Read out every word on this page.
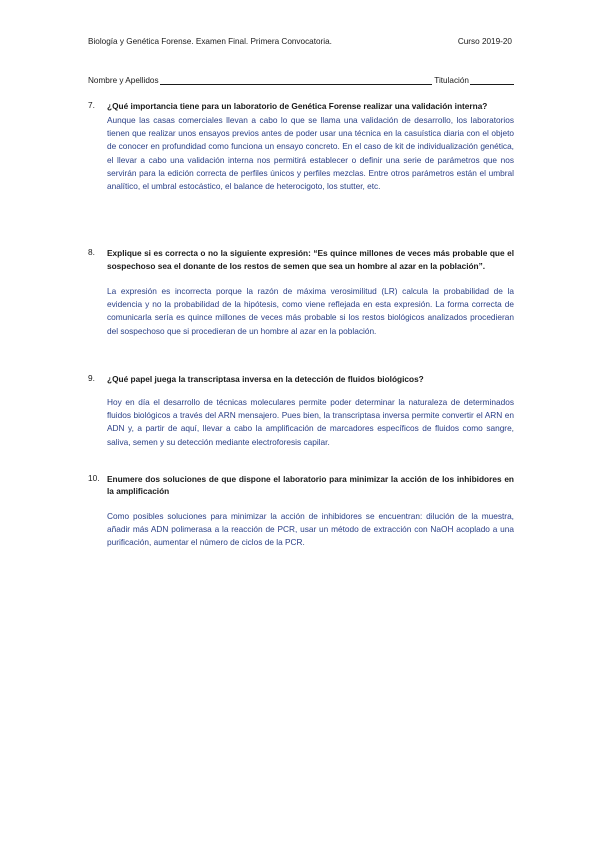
Biología y Genética Forense. Examen Final. Primera Convocatoria.	Curso 2019-20
Nombre y Apellidos	Titulación
7.	¿Qué importancia tiene para un laboratorio de Genética Forense realizar una validación interna?
Aunque las casas comerciales llevan a cabo lo que se llama una validación de desarrollo, los laboratorios tienen que realizar unos ensayos previos antes de poder usar una técnica en la casuística diaria con el objeto de conocer en profundidad como funciona un ensayo concreto. En el caso de kit de individualización genética, el llevar a cabo una validación interna nos permitirá establecer o definir una serie de parámetros que nos servirán para la edición correcta de perfiles únicos y perfiles mezclas. Entre otros parámetros están el umbral analítico, el umbral estocástico, el balance de heterocigoto, los stutter, etc.
8.	Explique si es correcta o no la siguiente expresión: “Es quince millones de veces más probable que el sospechoso sea el donante de los restos de semen que sea un hombre al azar en la población”.
La expresión es incorrecta porque la razón de máxima verosimilitud (LR) calcula la probabilidad de la evidencia y no la probabilidad de la hipótesis, como viene reflejada en esta expresión. La forma correcta de comunicarla sería es quince millones de veces más probable si los restos biológicos analizados procedieran del sospechoso que si procedieran de un hombre al azar en la población.
9.	¿Qué papel juega la transcriptasa inversa en la detección de fluidos biológicos?
Hoy en día el desarrollo de técnicas moleculares permite poder determinar la naturaleza de determinados fluidos biológicos a través del ARN mensajero. Pues bien, la transcriptasa inversa permite convertir el ARN en ADN y, a partir de aquí, llevar a cabo la amplificación de marcadores específicos de fluidos como sangre, saliva, semen y su detección mediante electroforesis capilar.
10. Enumere dos soluciones de que dispone el laboratorio para minimizar la acción de los inhibidores en la amplificación
Como posibles soluciones para minimizar la acción de inhibidores se encuentran: dilución de la muestra, añadir más ADN polimerasa a la reacción de PCR, usar un método de extracción con NaOH acoplado a una purificación, aumentar el número de ciclos de la PCR.
